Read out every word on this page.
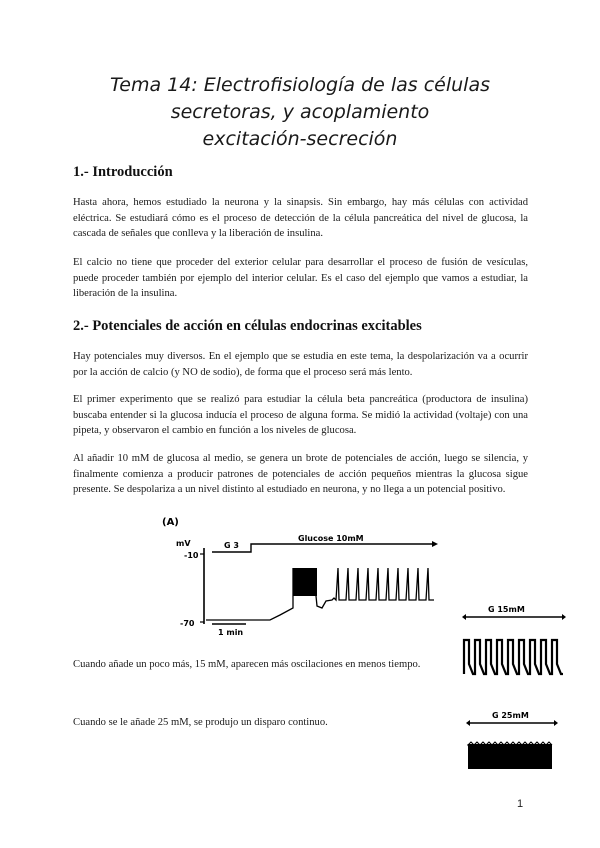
Tema 14: Electrofisiología de las células
secretoras, y acoplamiento
excitación-secreción
1.- Introducción
Hasta ahora, hemos estudiado la neurona y la sinapsis. Sin embargo, hay más células con actividad eléctrica. Se estudiará cómo es el proceso de detección de la célula pancreática del nivel de glucosa, la cascada de señales que conlleva y la liberación de insulina.
El calcio no tiene que proceder del exterior celular para desarrollar el proceso de fusión de vesículas, puede proceder también por ejemplo del interior celular. Es el caso del ejemplo que vamos a estudiar, la liberación de la insulina.
2.- Potenciales de acción en células endocrinas excitables
Hay potenciales muy diversos. En el ejemplo que se estudia en este tema, la despolarización va a ocurrir por la acción de calcio (y NO de sodio), de forma que el proceso será más lento.
El primer experimento que se realizó para estudiar la célula beta pancreática (productora de insulina) buscaba entender si la glucosa inducía el proceso de alguna forma. Se midió la actividad (voltaje) con una pipeta, y observaron el cambio en función a los niveles de glucosa.
Al añadir 10 mM de glucosa al medio, se genera un brote de potenciales de acción, luego se silencia, y finalmente comienza a producir patrones de potenciales de acción pequeños mientras la glucosa sigue presente. Se despolariza a un nivel distinto al estudiado en neurona, y no llega a un potencial positivo.
(A)
mV
-10
-70
G 3
Glucose 10mM
1 min
G 15mM
G 25mM
Cuando añade un poco más, 15 mM, aparecen más oscilaciones en menos tiempo.
Cuando se le añade 25 mM, se produjo un disparo continuo.
1
